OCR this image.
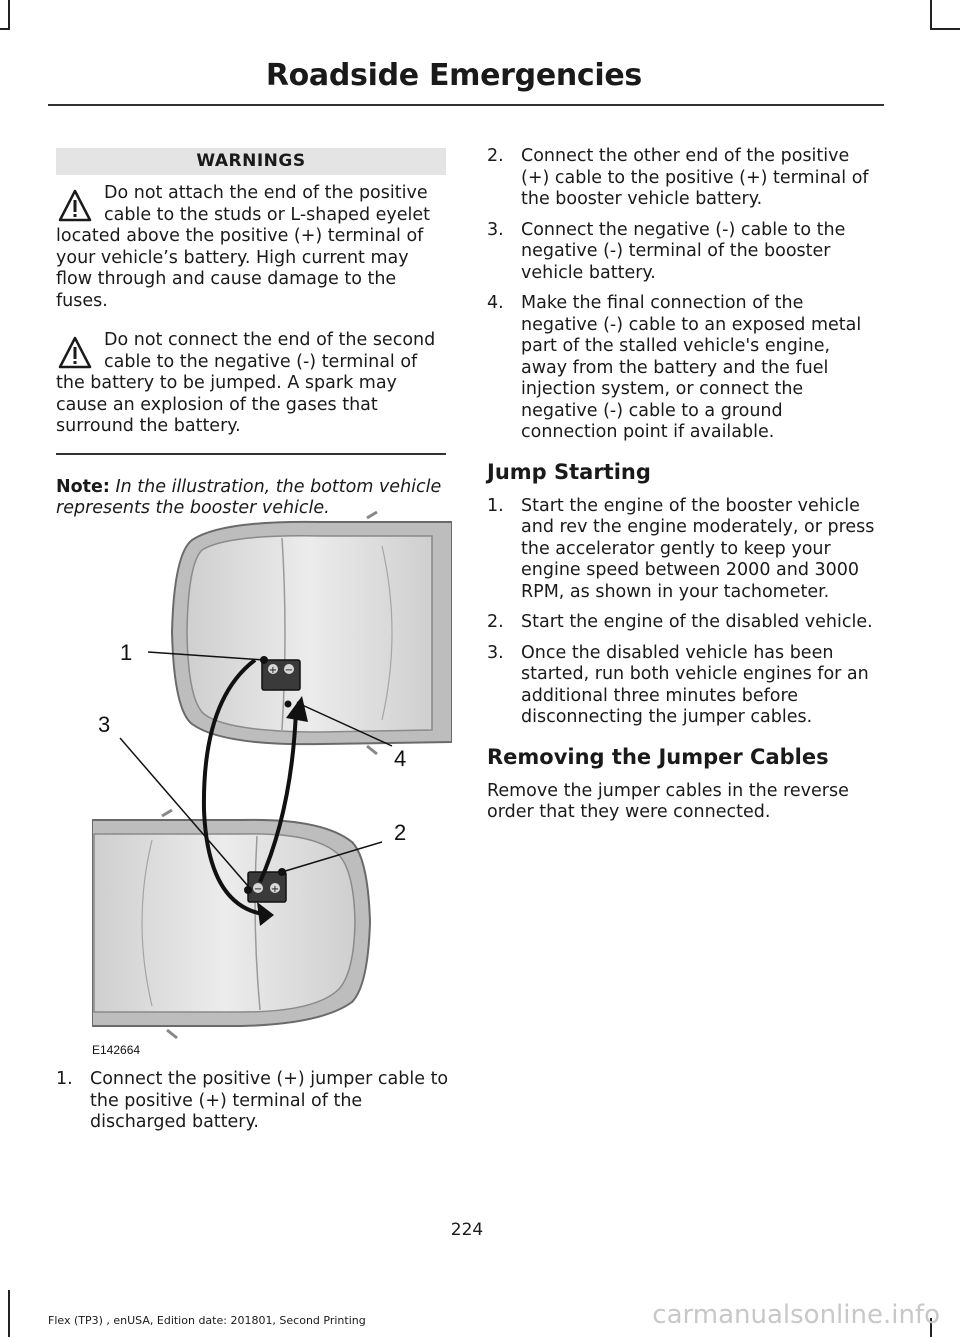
Roadside Emergencies
WARNINGS
Do not attach the end of the positive cable to the studs or L-shaped eyelet located above the positive (+) terminal of your vehicle’s battery. High current may flow through and cause damage to the fuses.
Do not connect the end of the second cable to the negative (-) terminal of the battery to be jumped. A spark may cause an explosion of the gases that surround the battery.
Note: In the illustration, the bottom vehicle represents the booster vehicle.
+ −
− +
1
2
3
4
E142664
1. Connect the positive (+) jumper cable to the positive (+) terminal of the discharged battery.
2. Connect the other end of the positive (+) cable to the positive (+) terminal of the booster vehicle battery.
3. Connect the negative (-) cable to the negative (-) terminal of the booster vehicle battery.
4. Make the final connection of the negative (-) cable to an exposed metal part of the stalled vehicle's engine, away from the battery and the fuel injection system, or connect the negative (-) cable to a ground connection point if available.
Jump Starting
1. Start the engine of the booster vehicle and rev the engine moderately, or press the accelerator gently to keep your engine speed between 2000 and 3000 RPM, as shown in your tachometer.
2. Start the engine of the disabled vehicle.
3. Once the disabled vehicle has been started, run both vehicle engines for an additional three minutes before disconnecting the jumper cables.
Removing the Jumper Cables

Remove the jumper cables in the reverse order that they were connected.

224
Flex (TP3) , enUSA, Edition date: 201801, Second Printing	carmanualsonline.info
